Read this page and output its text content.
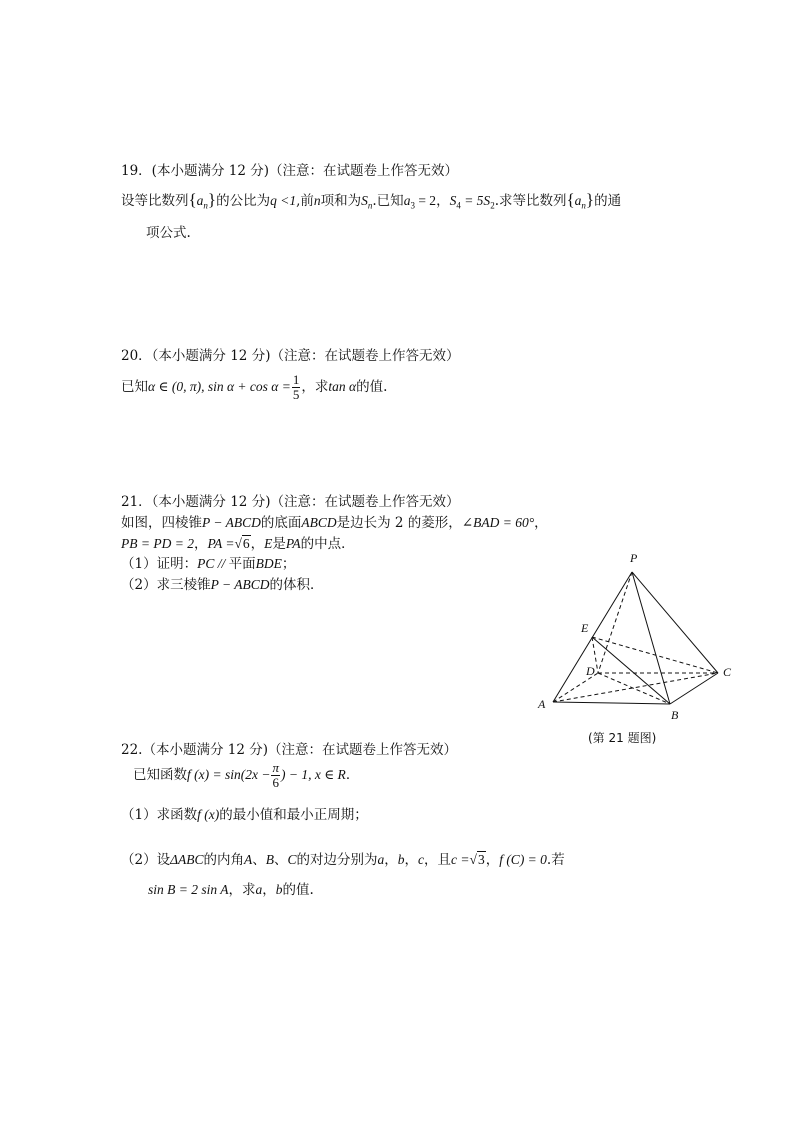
19．(本小题满分 12 分)（注意：在试题卷上作答无效）
设等比数列$\{a_n\}$的公比为q <1,前n项和为$S_n$.已知$a_3 = 2$，$S_4 = 5S_2$.求等比数列$\{a_n\}$的通
项公式.
20．（本小题满分 12 分)（注意：在试题卷上作答无效）
已知α ∈ (0, π), $\sin \alpha + \cos \alpha = \frac{1}{5}$ ，求tan α的值.
21．（本小题满分 12 分)（注意：在试题卷上作答无效）
如图，四棱锥P − ABCD的底面ABCD是边长为 2 的菱形，∠BAD = 60°，
PB = PD = 2，PA =√6，E是PA的中点．
（1）证明：PC // 平面BDE；
（2）求三棱锥P − ABCD的体积．
P
E
D	C
A
B
(第 21 题图)
22.（本小题满分 12 分)（注意：在试题卷上作答无效）
已知函数f $(x) = \sin(2x - \frac{\pi}{6}$ ) − 1, x ∈ R．
（1）求函数f (x)的最小值和最小正周期；
（2）设ΔABC的内角A、B、C的对边分别为a，b，c，且c =√3，f (C) = 0.若
sin B = 2 sin A，求a，b的值.
